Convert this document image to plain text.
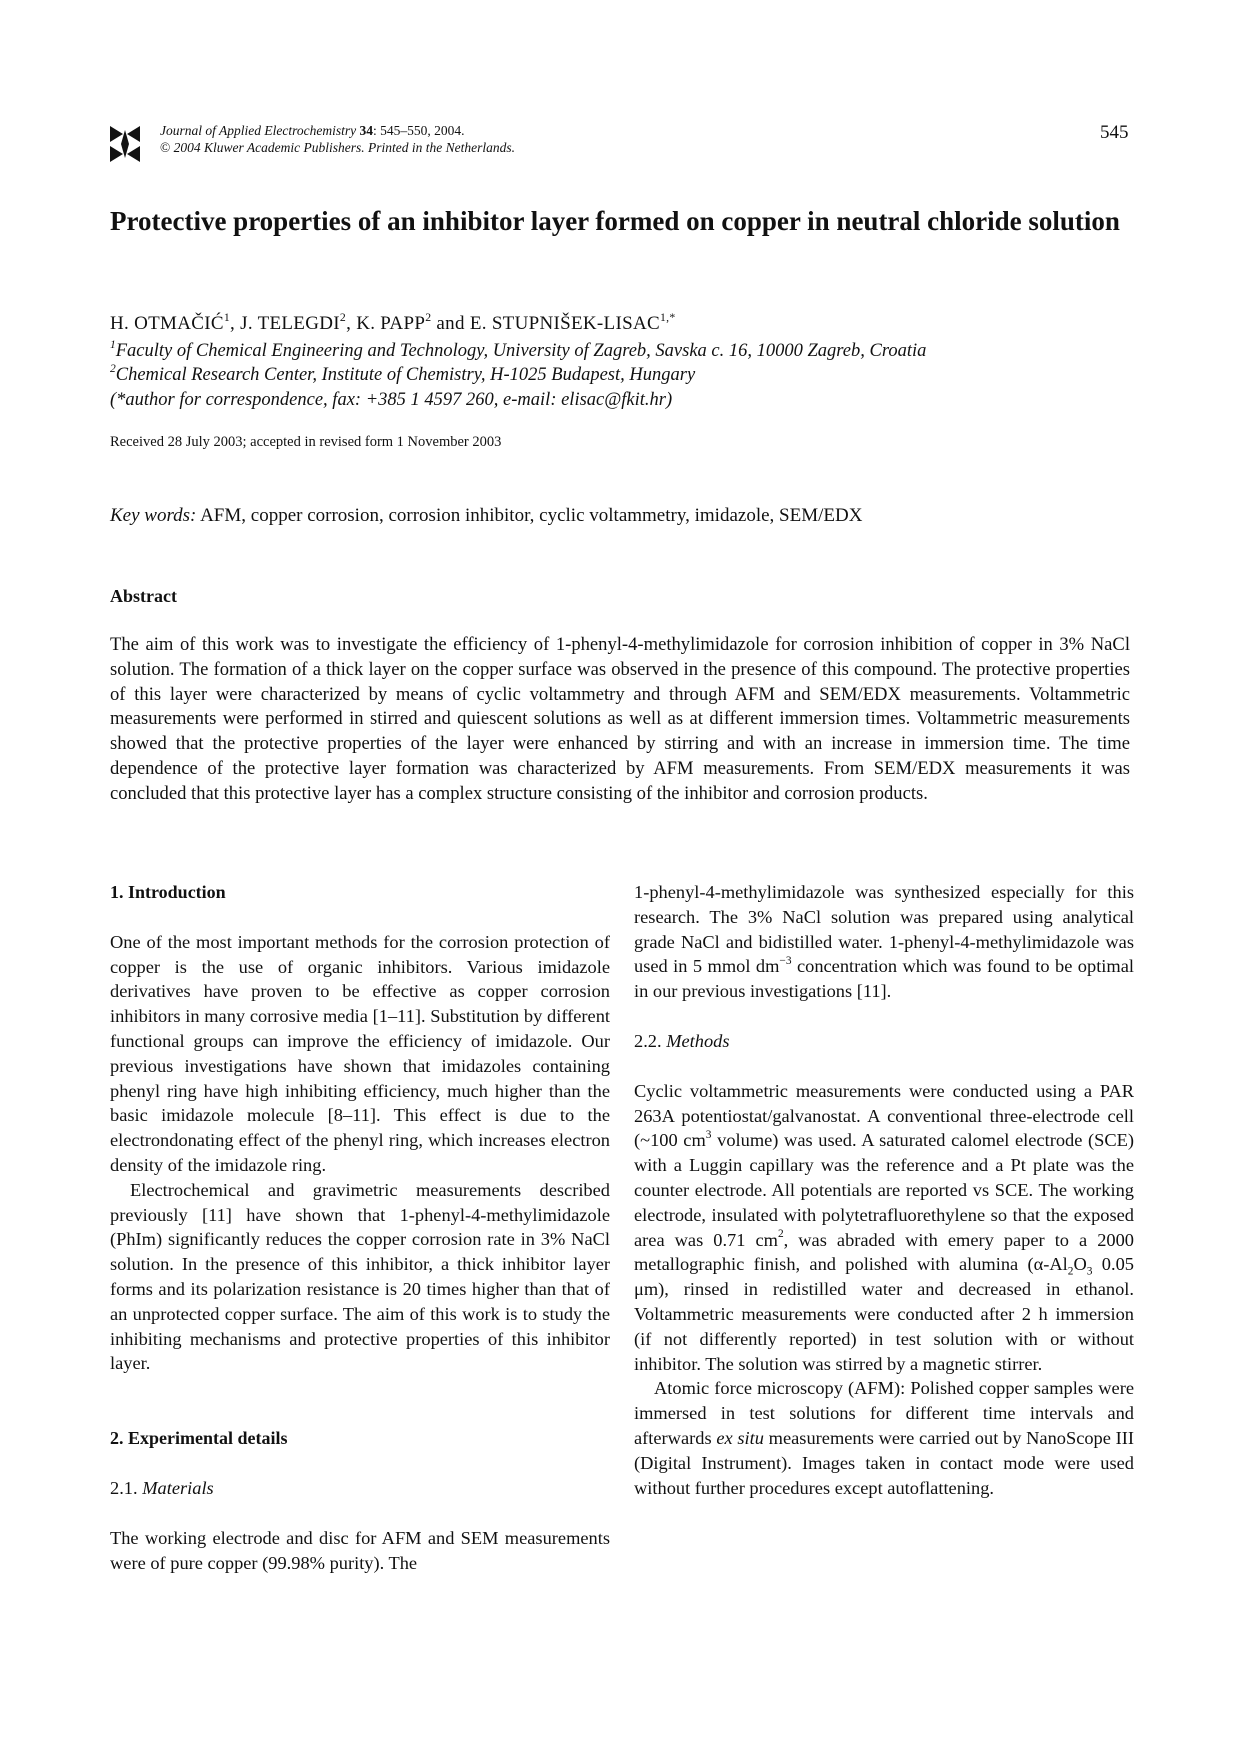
Journal of Applied Electrochemistry 34: 545–550, 2004.
© 2004 Kluwer Academic Publishers. Printed in the Netherlands.
545
Protective properties of an inhibitor layer formed on copper in neutral chloride solution
H. OTMAČIĆ$^1$, J. TELEGDI$^2$, K. PAPP$^2$ and E. STUPNIŠEK-$LISAC^{1,*}$
$^1$Faculty of Chemical Engineering and Technology, University of Zagreb, Savska c. 16, 10000 Zagreb, Croatia
$^2$Chemical Research Center, Institute of Chemistry, H-1025 Budapest, Hungary
(*author for correspondence, fax: +385 1 4597 260, e-mail: elisac@fkit.hr)
Received 28 July 2003; accepted in revised form 1 November 2003
Key words: AFM, copper corrosion, corrosion inhibitor, cyclic voltammetry, imidazole, SEM/EDX
Abstract
The aim of this work was to investigate the efficiency of 1-phenyl-4-methylimidazole for corrosion inhibition of copper in 3% NaCl solution. The formation of a thick layer on the copper surface was observed in the presence of this compound. The protective properties of this layer were characterized by means of cyclic voltammetry and through AFM and SEM/EDX measurements. Voltammetric measurements were performed in stirred and quiescent solutions as well as at different immersion times. Voltammetric measurements showed that the protective properties of the layer were enhanced by stirring and with an increase in immersion time. The time dependence of the protective layer formation was characterized by AFM measurements. From SEM/EDX measurements it was concluded that this protective layer has a complex structure consisting of the inhibitor and corrosion products.

1. Introduction

One of the most important methods for the corrosion protection of copper is the use of organic inhibitors. Various imidazole derivatives have proven to be effective as copper corrosion inhibitors in many corrosive media [1–11]. Substitution by different functional groups can improve the efficiency of imidazole. Our previous investigations have shown that imidazoles containing phenyl ring have high inhibiting efficiency, much higher than the basic imidazole molecule [8–11]. This effect is due to the electrondonating effect of the phenyl ring, which increases electron density of the imidazole ring.

Electrochemical and gravimetric measurements described previously [11] have shown that 1-phenyl-4-methylimidazole (PhIm) significantly reduces the copper corrosion rate in 3% NaCl solution. In the presence of this inhibitor, a thick inhibitor layer forms and its polarization resistance is 20 times higher than that of an unprotected copper surface. The aim of this work is to study the inhibiting mechanisms and protective properties of this inhibitor layer.

2. Experimental details

2.1. Materials

The working electrode and disc for AFM and SEM measurements were of pure copper (99.98% purity). The

1-phenyl-4-methylimidazole was synthesized especially for this research. The 3% NaCl solution was prepared using analytical grade NaCl and bidistilled water. 1-phenyl-4-methylimidazole was used in 5 mmol $dm^{-3}$ concentration which was found to be optimal in our previous investigations [11].

2.2. Methods

Cyclic voltammetric measurements were conducted using a PAR 263A potentiostat/galvanostat. A conventional three-electrode cell (~100 $cm^3$ volume) was used. A saturated calomel electrode (SCE) with a Luggin capillary was the reference and a Pt plate was the counter electrode. All potentials are reported vs SCE. The working electrode, insulated with polytetrafluorethylene so that the exposed area was 0.71 $cm^2$, was abraded with emery paper to a 2000 metallographic finish, and polished with alumina ($\alpha-Al_2O_3$ 0.05 μm), rinsed in redistilled water and decreased in ethanol. Voltammetric measurements were conducted after 2 h immersion (if not differently reported) in test solution with or without inhibitor. The solution was stirred by a magnetic stirrer.

Atomic force microscopy (AFM): Polished copper samples were immersed in test solutions for different time intervals and afterwards ex situ measurements were carried out by NanoScope III (Digital Instrument). Images taken in contact mode were used without further procedures except autoflattening.
